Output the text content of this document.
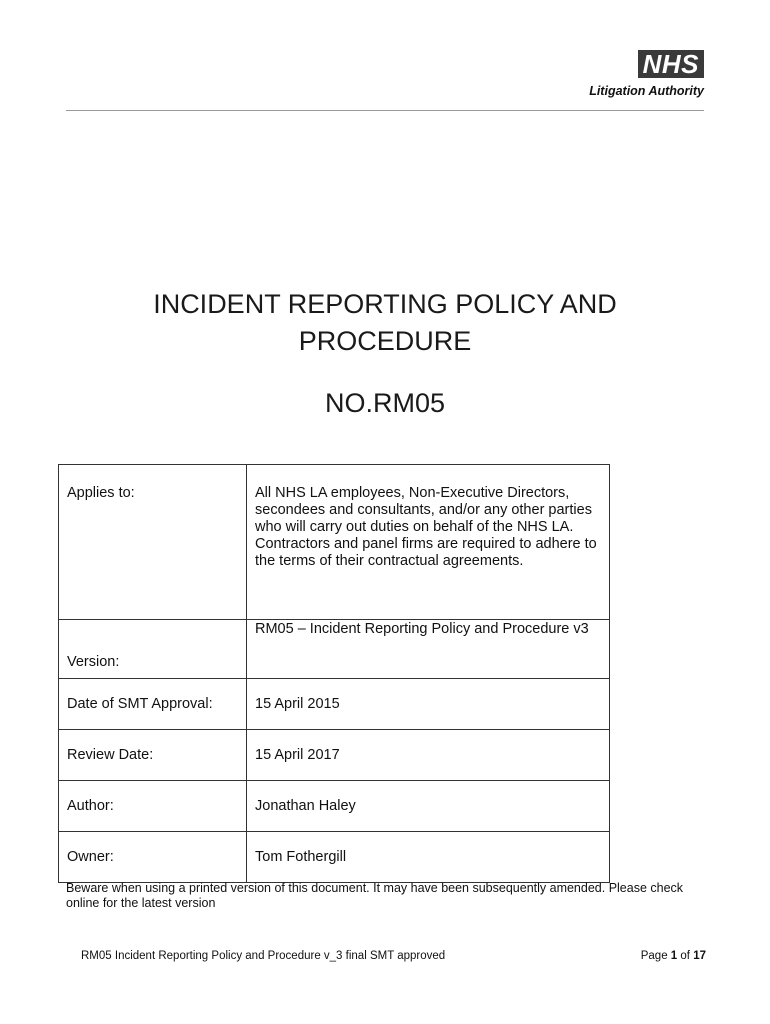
NHS
Litigation Authority
INCIDENT REPORTING POLICY AND
PROCEDURE
NO.RM05
Applies to:	All NHS LA employees, Non-Executive Directors, secondees and consultants, and/or any other parties who will carry out duties on behalf of the NHS LA. Contractors and panel firms are required to adhere to the terms of their contractual agreements.
Version:	RM05 – Incident Reporting Policy and Procedure v3
Date of SMT Approval:	15 April 2015
Review Date:	15 April 2017
Author:	Jonathan Haley
Owner:	Tom Fothergill
Beware when using a printed version of this document. It may have been subsequently amended. Please check online for the latest version
RM05 Incident Reporting Policy and Procedure v_3 final SMT approved	Page 1 of 17
